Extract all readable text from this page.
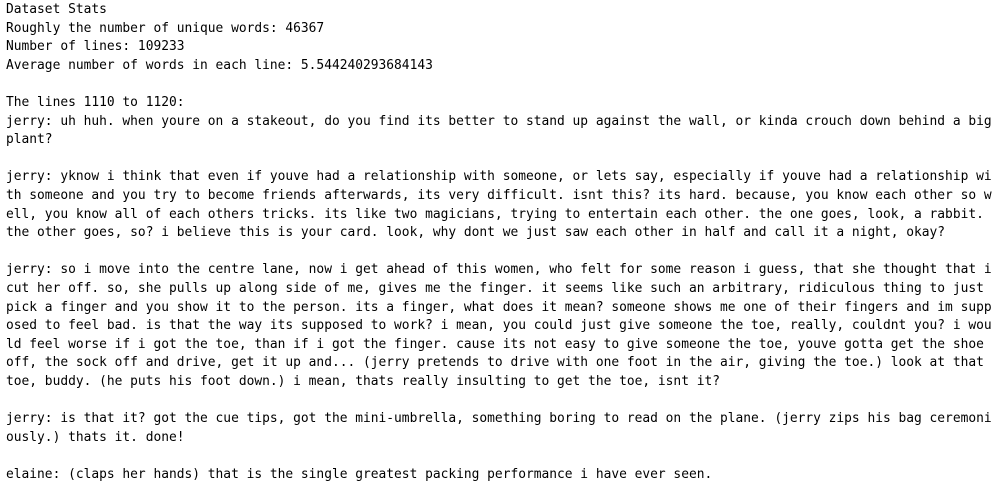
Dataset Stats
Roughly the number of unique words: 46367
Number of lines: 109233
Average number of words in each line: 5.544240293684143
The lines 1110 to 1120:
jerry: uh huh. when youre on a stakeout, do you find its better to stand up against the wall, or kinda crouch down behind a big
plant?
jerry: yknow i think that even if youve had a relationship with someone, or lets say, especially if youve had a relationship wi
th someone and you try to become friends afterwards, its very difficult. isnt this? its hard. because, you know each other so w
ell, you know all of each others tricks. its like two magicians, trying to entertain each other. the one goes, look, a rabbit.
the other goes, so? i believe this is your card. look, why dont we just saw each other in half and call it a night, okay?
jerry: so i move into the centre lane, now i get ahead of this women, who felt for some reason i guess, that she thought that i
cut her off. so, she pulls up along side of me, gives me the finger. it seems like such an arbitrary, ridiculous thing to just
pick a finger and you show it to the person. its a finger, what does it mean? someone shows me one of their fingers and im supp
osed to feel bad. is that the way its supposed to work? i mean, you could just give someone the toe, really, couldnt you? i wou
ld feel worse if i got the toe, than if i got the finger. cause its not easy to give someone the toe, youve gotta get the shoe
off, the sock off and drive, get it up and... (jerry pretends to drive with one foot in the air, giving the toe.) look at that
toe, buddy. (he puts his foot down.) i mean, thats really insulting to get the toe, isnt it?
jerry: is that it? got the cue tips, got the mini-umbrella, something boring to read on the plane. (jerry zips his bag ceremoni
ously.) thats it. done!
elaine: (claps her hands) that is the single greatest packing performance i have ever seen.
